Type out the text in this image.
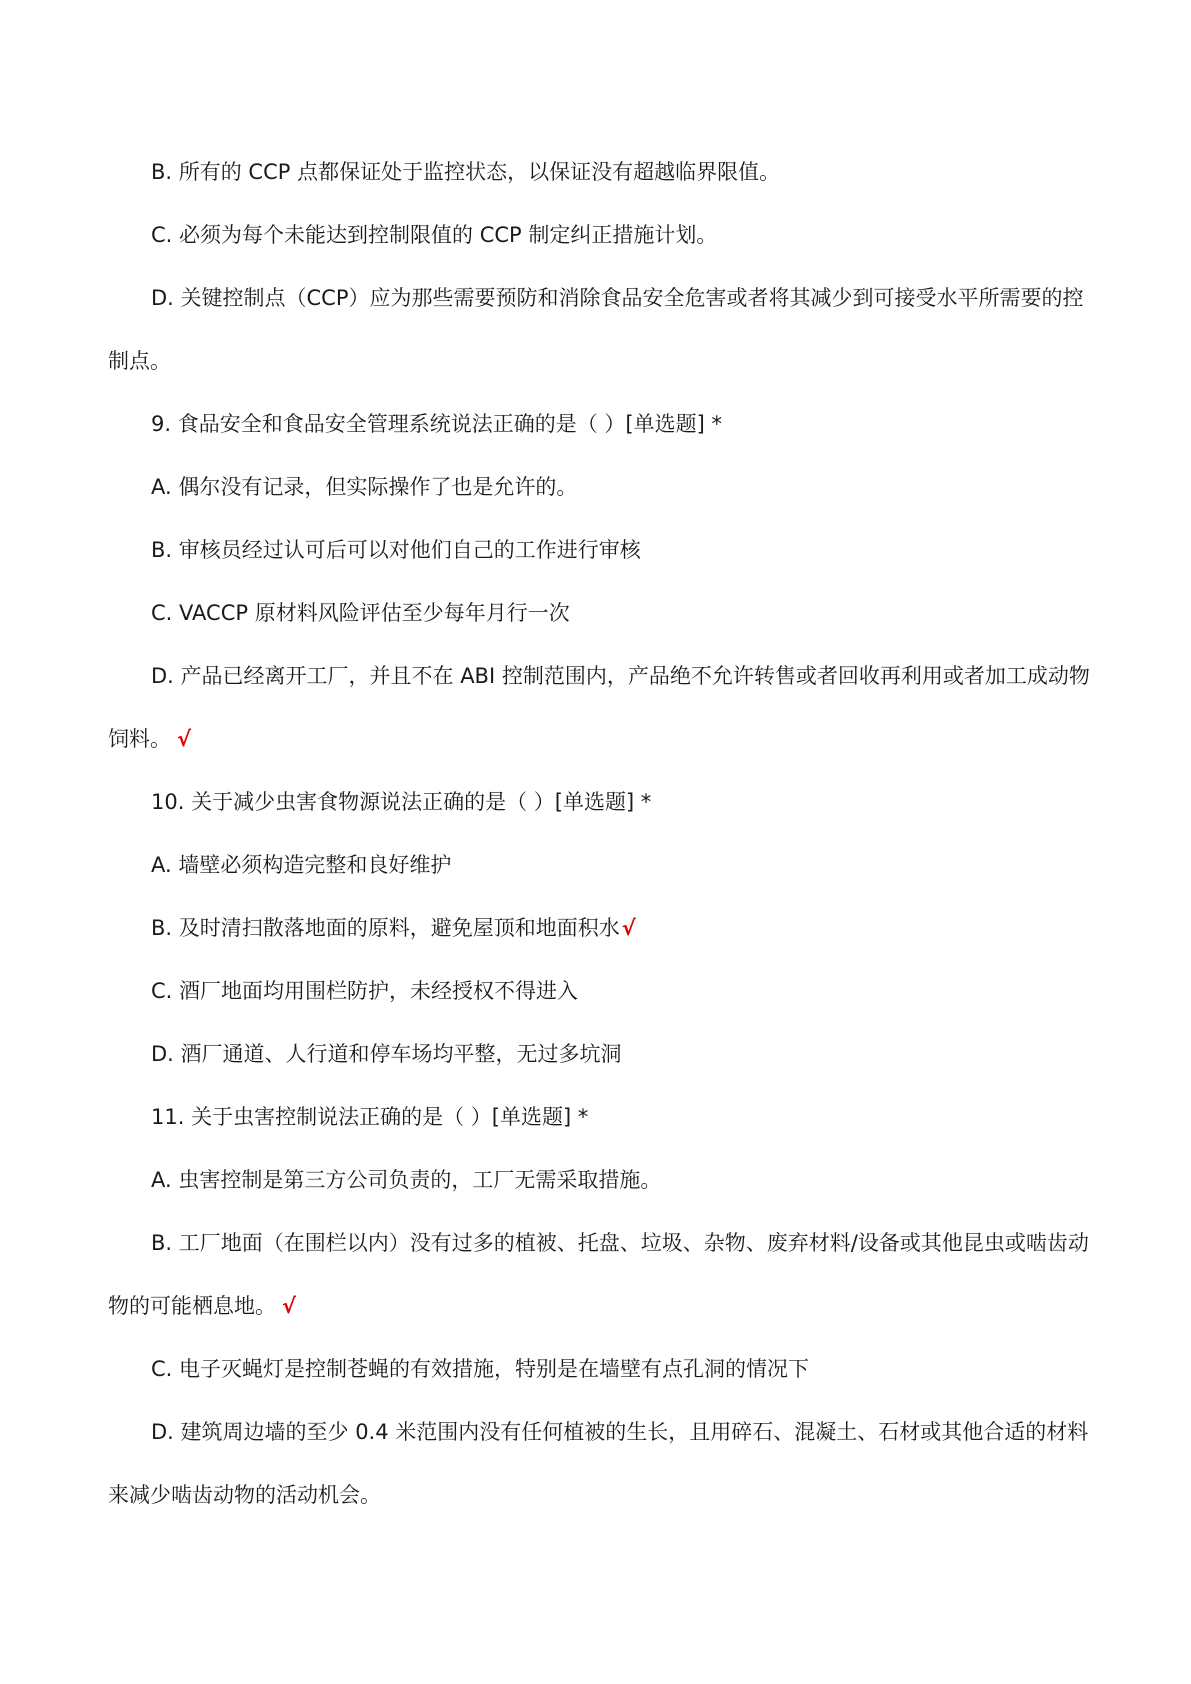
B. 所有的 CCP 点都保证处于监控状态，以保证没有超越临界限值。
C. 必须为每个未能达到控制限值的 CCP 制定纠正措施计划。
D. 关键控制点（CCP）应为那些需要预防和消除食品安全危害或者将其减少到可接受水平所需要的控
制点。
9. 食品安全和食品安全管理系统说法正确的是（ ）[单选题] *
A. 偶尔没有记录，但实际操作了也是允许的。
B. 审核员经过认可后可以对他们自己的工作进行审核
C. VACCP 原材料风险评估至少每年月行一次
D. 产品已经离开工厂，并且不在 ABI 控制范围内，产品绝不允许转售或者回收再利用或者加工成动物
饲料。 √
10. 关于减少虫害食物源说法正确的是（ ）[单选题] *
A. 墙壁必须构造完整和良好维护
B. 及时清扫散落地面的原料，避免屋顶和地面积水√
C. 酒厂地面均用围栏防护，未经授权不得进入
D. 酒厂通道、人行道和停车场均平整，无过多坑洞
11. 关于虫害控制说法正确的是（ ）[单选题] *
A. 虫害控制是第三方公司负责的，工厂无需采取措施。
B. 工厂地面（在围栏以内）没有过多的植被、托盘、垃圾、杂物、废弃材料/设备或其他昆虫或啮齿动
物的可能栖息地。 √
C. 电子灭蝇灯是控制苍蝇的有效措施，特别是在墙壁有点孔洞的情况下
D. 建筑周边墙的至少 0.4 米范围内没有任何植被的生长，且用碎石、混凝土、石材或其他合适的材料
来减少啮齿动物的活动机会。
